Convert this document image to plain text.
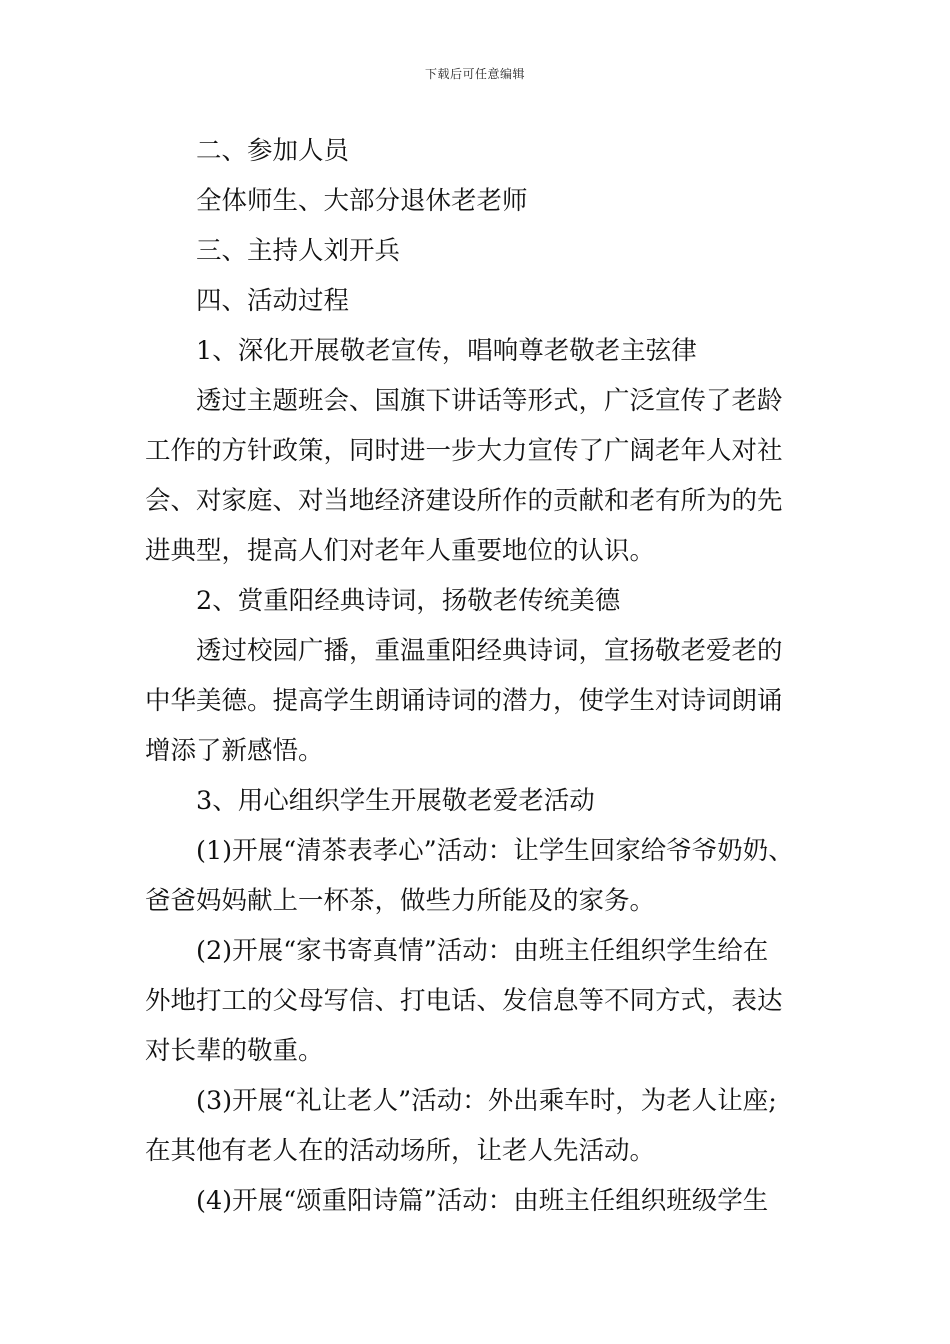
下载后可任意编辑
二、参加人员
全体师生、大部分退休老老师
三、主持人刘开兵
四、活动过程
1、深化开展敬老宣传，唱响尊老敬老主弦律
透过主题班会、国旗下讲话等形式，广泛宣传了老龄
工作的方针政策，同时进一步大力宣传了广阔老年人对社
会、对家庭、对当地经济建设所作的贡献和老有所为的先
进典型，提高人们对老年人重要地位的认识。
2、赏重阳经典诗词，扬敬老传统美德
透过校园广播，重温重阳经典诗词，宣扬敬老爱老的
中华美德。提高学生朗诵诗词的潜力，使学生对诗词朗诵
增添了新感悟。
3、用心组织学生开展敬老爱老活动
(1)开展“清茶表孝心”活动：让学生回家给爷爷奶奶、
爸爸妈妈献上一杯茶，做些力所能及的家务。
(2)开展“家书寄真情”活动：由班主任组织学生给在
外地打工的父母写信、打电话、发信息等不同方式，表达
对长辈的敬重。
(3)开展“礼让老人”活动：外出乘车时，为老人让座;
在其他有老人在的活动场所，让老人先活动。
(4)开展“颂重阳诗篇”活动：由班主任组织班级学生
